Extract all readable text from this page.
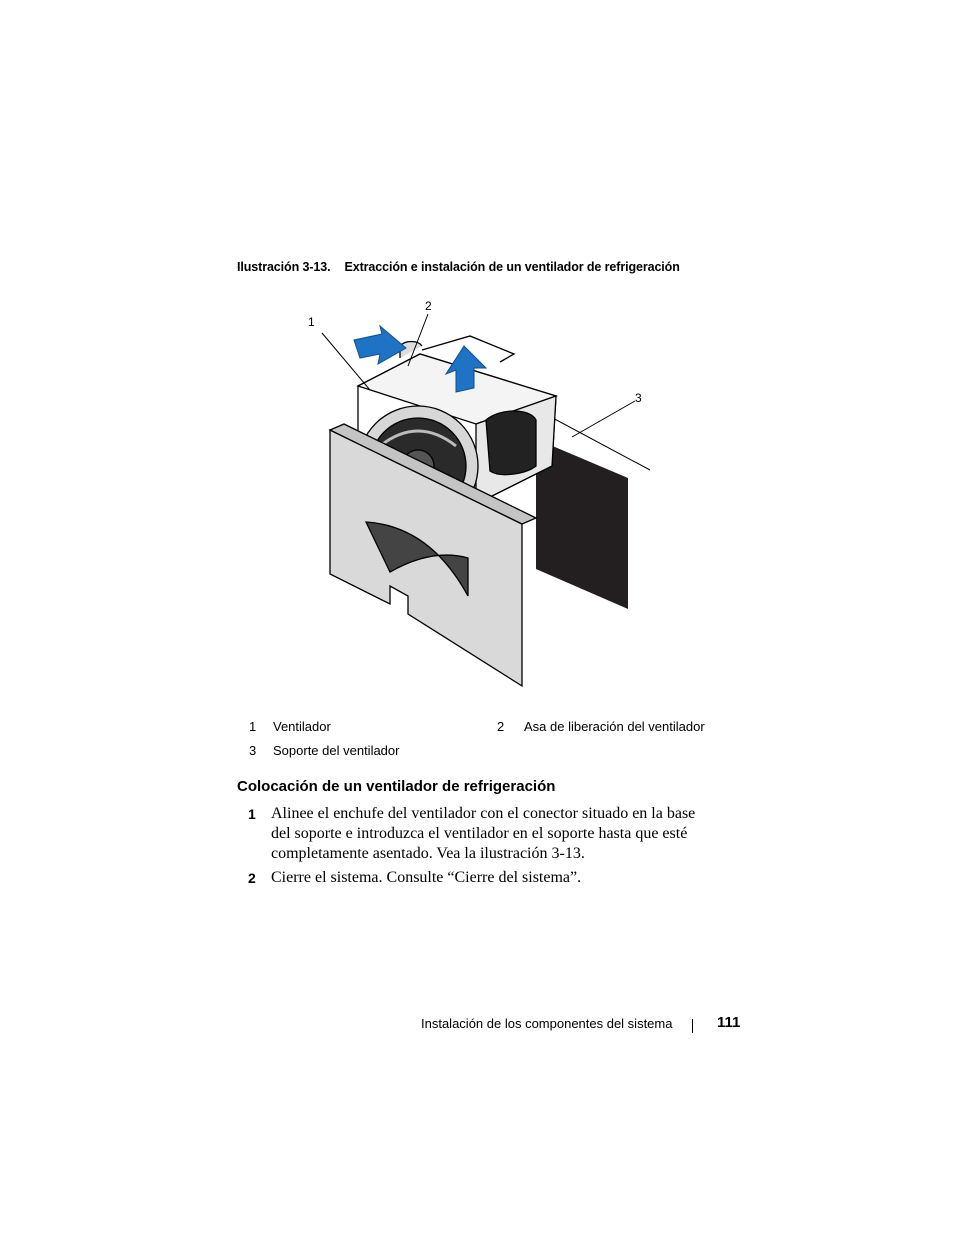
Ilustración 3-13. Extracción e instalación de un ventilador de refrigeración
1
2
3
1 Ventilador	2 Asa de liberación del ventilador
3 Soporte del ventilador
Colocación de un ventilador de refrigeración
1 Alinee el enchufe del ventilador con el conector situado en la base del soporte e introduzca el ventilador en el soporte hasta que esté completamente asentado. Vea la ilustración 3-13.
2 Cierre el sistema. Consulte “Cierre del sistema”.
Instalación de los componentes del sistema	111
